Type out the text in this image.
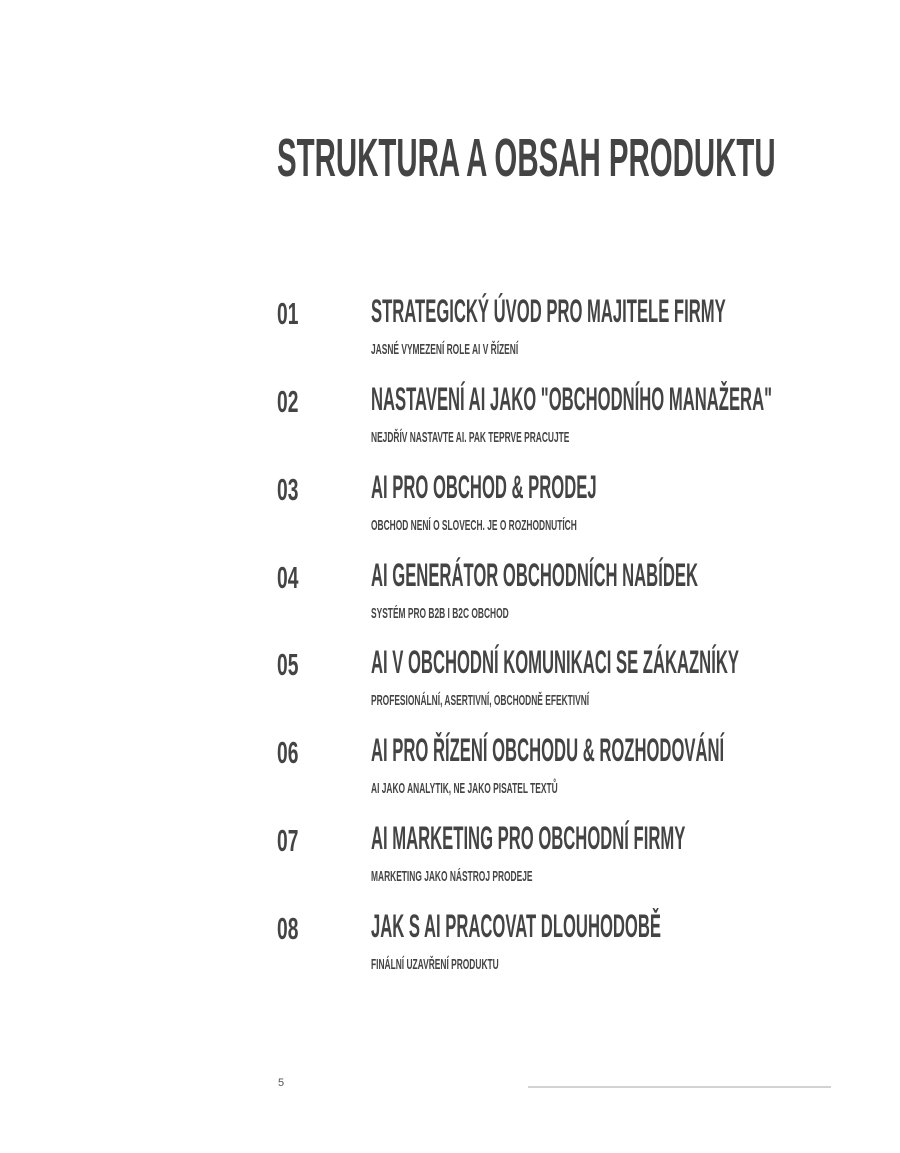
STRUKTURA A OBSAH PRODUKTU
01 STRATEGICKÝ ÚVOD PRO MAJITELE FIRMY
JASNÉ VYMEZENÍ ROLE AI V ŘÍZENÍ
02 NASTAVENÍ AI JAKO "OBCHODNÍHO MANAŽERA"
NEJDŘÍV NASTAVTE AI. PAK TEPRVE PRACUJTE
03 AI PRO OBCHOD & PRODEJ
OBCHOD NENÍ O SLOVECH. JE O ROZHODNUTÍCH
04 AI GENERÁTOR OBCHODNÍCH NABÍDEK
SYSTÉM PRO B2B I B2C OBCHOD
05 AI V OBCHODNÍ KOMUNIKACI SE ZÁKAZNÍKY
PROFESIONÁLNÍ, ASERTIVNÍ, OBCHODNĚ EFEKTIVNÍ
06 AI PRO ŘÍZENÍ OBCHODU & ROZHODOVÁNÍ
AI JAKO ANALYTIK, NE JAKO PISATEL TEXTŮ
07 AI MARKETING PRO OBCHODNÍ FIRMY
MARKETING JAKO NÁSTROJ PRODEJE
08 JAK S AI PRACOVAT DLOUHODOBĚ
FINÁLNÍ UZAVŘENÍ PRODUKTU
5
